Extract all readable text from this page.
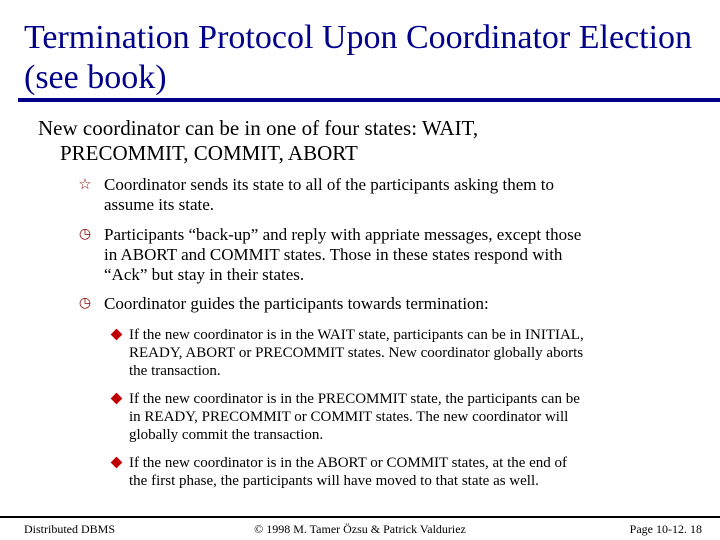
Termination Protocol Upon Coordinator Election (see book)
New coordinator can be in one of four states: WAIT,
PRECOMMIT, COMMIT, ABORT
☆ Coordinator sends its state to all of the participants asking them to
assume its state.
◷ Participants “back-up” and reply with appriate messages, except those
in ABORT and COMMIT states. Those in these states respond with
“Ack” but stay in their states.
◷ Coordinator guides the participants towards termination:
If the new coordinator is in the WAIT state, participants can be in INITIAL,
READY, ABORT or PRECOMMIT states. New coordinator globally aborts
the transaction.
If the new coordinator is in the PRECOMMIT state, the participants can be
in READY, PRECOMMIT or COMMIT states. The new coordinator will
globally commit the transaction.
If the new coordinator is in the ABORT or COMMIT states, at the end of
the first phase, the participants will have moved to that state as well.
Distributed DBMS	© 1998 M. Tamer Özsu & Patrick Valduriez	Page 10-12. 18
